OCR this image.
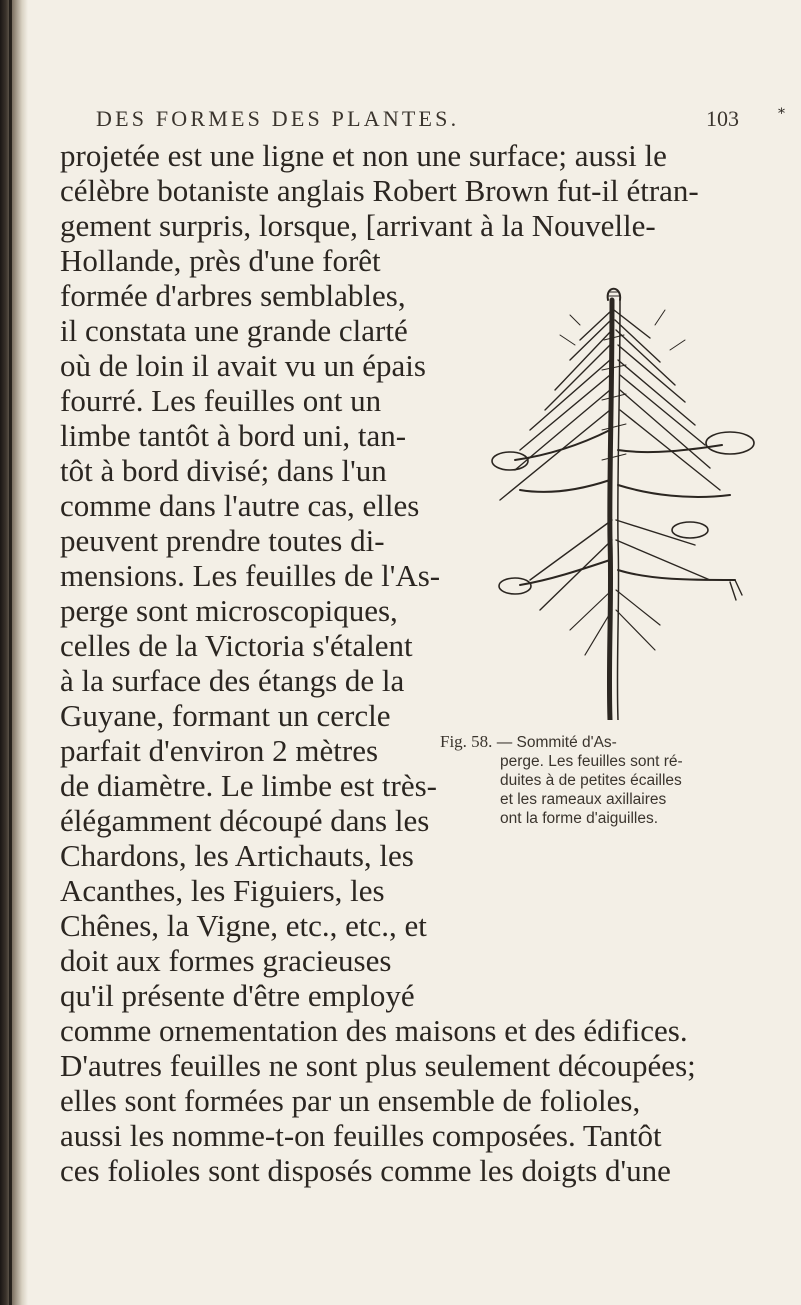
DES FORMES DES PLANTES.	103	*
projetée est une ligne et non une surface; aussi le
célèbre botaniste anglais Robert Brown fut-il étran-
gement surpris, lorsque, [arrivant à la Nouvelle-
Hollande, près d'une forêt
formée d'arbres semblables,
il constata une grande clarté
où de loin il avait vu un épais
fourré. Les feuilles ont un
limbe tantôt à bord uni, tan-
tôt à bord divisé; dans l'un
comme dans l'autre cas, elles
peuvent prendre toutes di-
mensions. Les feuilles de l'As-
perge sont microscopiques,
celles de la Victoria s'étalent
à la surface des étangs de la
Guyane, formant un cercle
parfait d'environ 2 mètres
de diamètre. Le limbe est très-
élégamment découpé dans les
Chardons, les Artichauts, les
Acanthes, les Figuiers, les
Chênes, la Vigne, etc., etc., et
doit aux formes gracieuses
qu'il présente d'être employé
comme ornementation des maisons et des édifices.
D'autres feuilles ne sont plus seulement découpées;
elles sont formées par un ensemble de folioles,
aussi les nomme-t-on feuilles composées. Tantôt
ces folioles sont disposés comme les doigts d'une
Fig. 58. — Sommité d'As-
perge. Les feuilles sont ré-
duites à de petites écailles
et les rameaux axillaires
ont la forme d'aiguilles.
